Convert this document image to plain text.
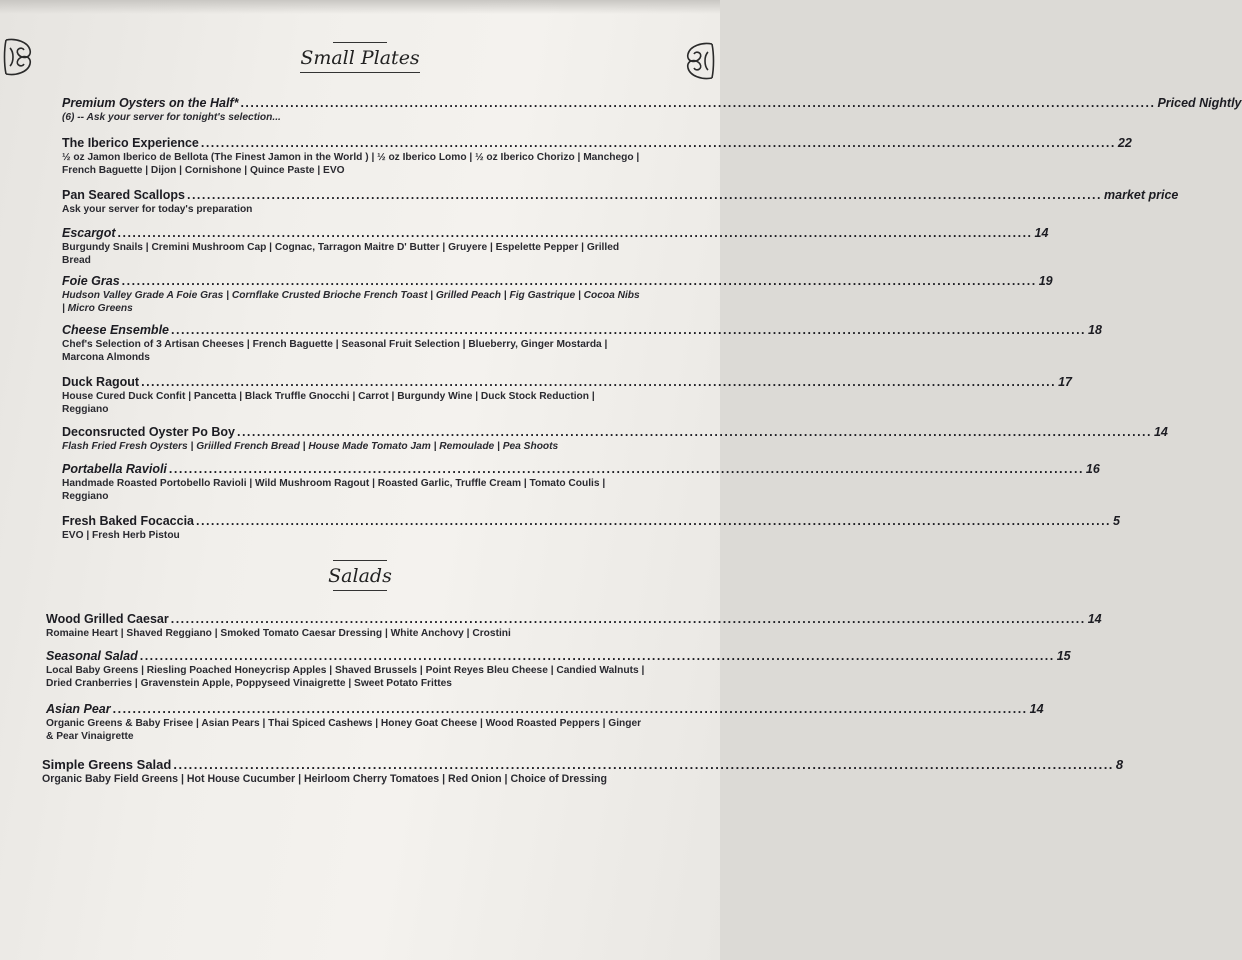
Small Plates
Premium Oysters on the Half* ........................................................................................................................................................................................ Priced Nightly
(6) -- Ask your server for tonight's selection...
The Iberico Experience ........................................................................................................................................................................................ 22
½ oz Jamon Iberico de Bellota (The Finest Jamon in the World ) | ½ oz Iberico Lomo | ½ oz Iberico Chorizo | Manchego | French Baguette | Dijon | Cornishone | Quince Paste | EVO
Pan Seared Scallops ........................................................................................................................................................................................ market price
Ask your server for today's preparation
Escargot ........................................................................................................................................................................................ 14
Burgundy Snails | Cremini Mushroom Cap | Cognac, Tarragon Maitre D' Butter | Gruyere | Espelette Pepper | Grilled Bread
Foie Gras ........................................................................................................................................................................................ 19
Hudson Valley Grade A Foie Gras | Cornflake Crusted Brioche French Toast | Grilled Peach | Fig Gastrique | Cocoa Nibs | Micro Greens
Cheese Ensemble ........................................................................................................................................................................................ 18
Chef's Selection of 3 Artisan Cheeses | French Baguette | Seasonal Fruit Selection | Blueberry, Ginger Mostarda | Marcona Almonds
Duck Ragout ........................................................................................................................................................................................ 17
House Cured Duck Confit | Pancetta | Black Truffle Gnocchi | Carrot | Burgundy Wine | Duck Stock Reduction | Reggiano
Deconsructed Oyster Po Boy ........................................................................................................................................................................................ 14
Flash Fried Fresh Oysters | Griilled French Bread | House Made Tomato Jam | Remoulade | Pea Shoots
Portabella Ravioli ........................................................................................................................................................................................ 16
Handmade Roasted Portobello Ravioli | Wild Mushroom Ragout | Roasted Garlic, Truffle Cream | Tomato Coulis | Reggiano
Fresh Baked Focaccia ........................................................................................................................................................................................ 5
EVO | Fresh Herb Pistou
Salads
Wood Grilled Caesar ........................................................................................................................................................................................ 14
Romaine Heart | Shaved Reggiano | Smoked Tomato Caesar Dressing | White Anchovy | Crostini
Seasonal Salad ........................................................................................................................................................................................ 15
Local Baby Greens | Riesling Poached Honeycrisp Apples | Shaved Brussels | Point Reyes Bleu Cheese | Candied Walnuts | Dried Cranberries | Gravenstein Apple, Poppyseed Vinaigrette | Sweet Potato Frittes
Asian Pear ........................................................................................................................................................................................ 14
Organic Greens & Baby Frisee | Asian Pears | Thai Spiced Cashews | Honey Goat Cheese | Wood Roasted Peppers | Ginger & Pear Vinaigrette
Simple Greens Salad ........................................................................................................................................................................................ 8
Organic Baby Field Greens | Hot House Cucumber | Heirloom Cherry Tomatoes | Red Onion | Choice of Dressing
